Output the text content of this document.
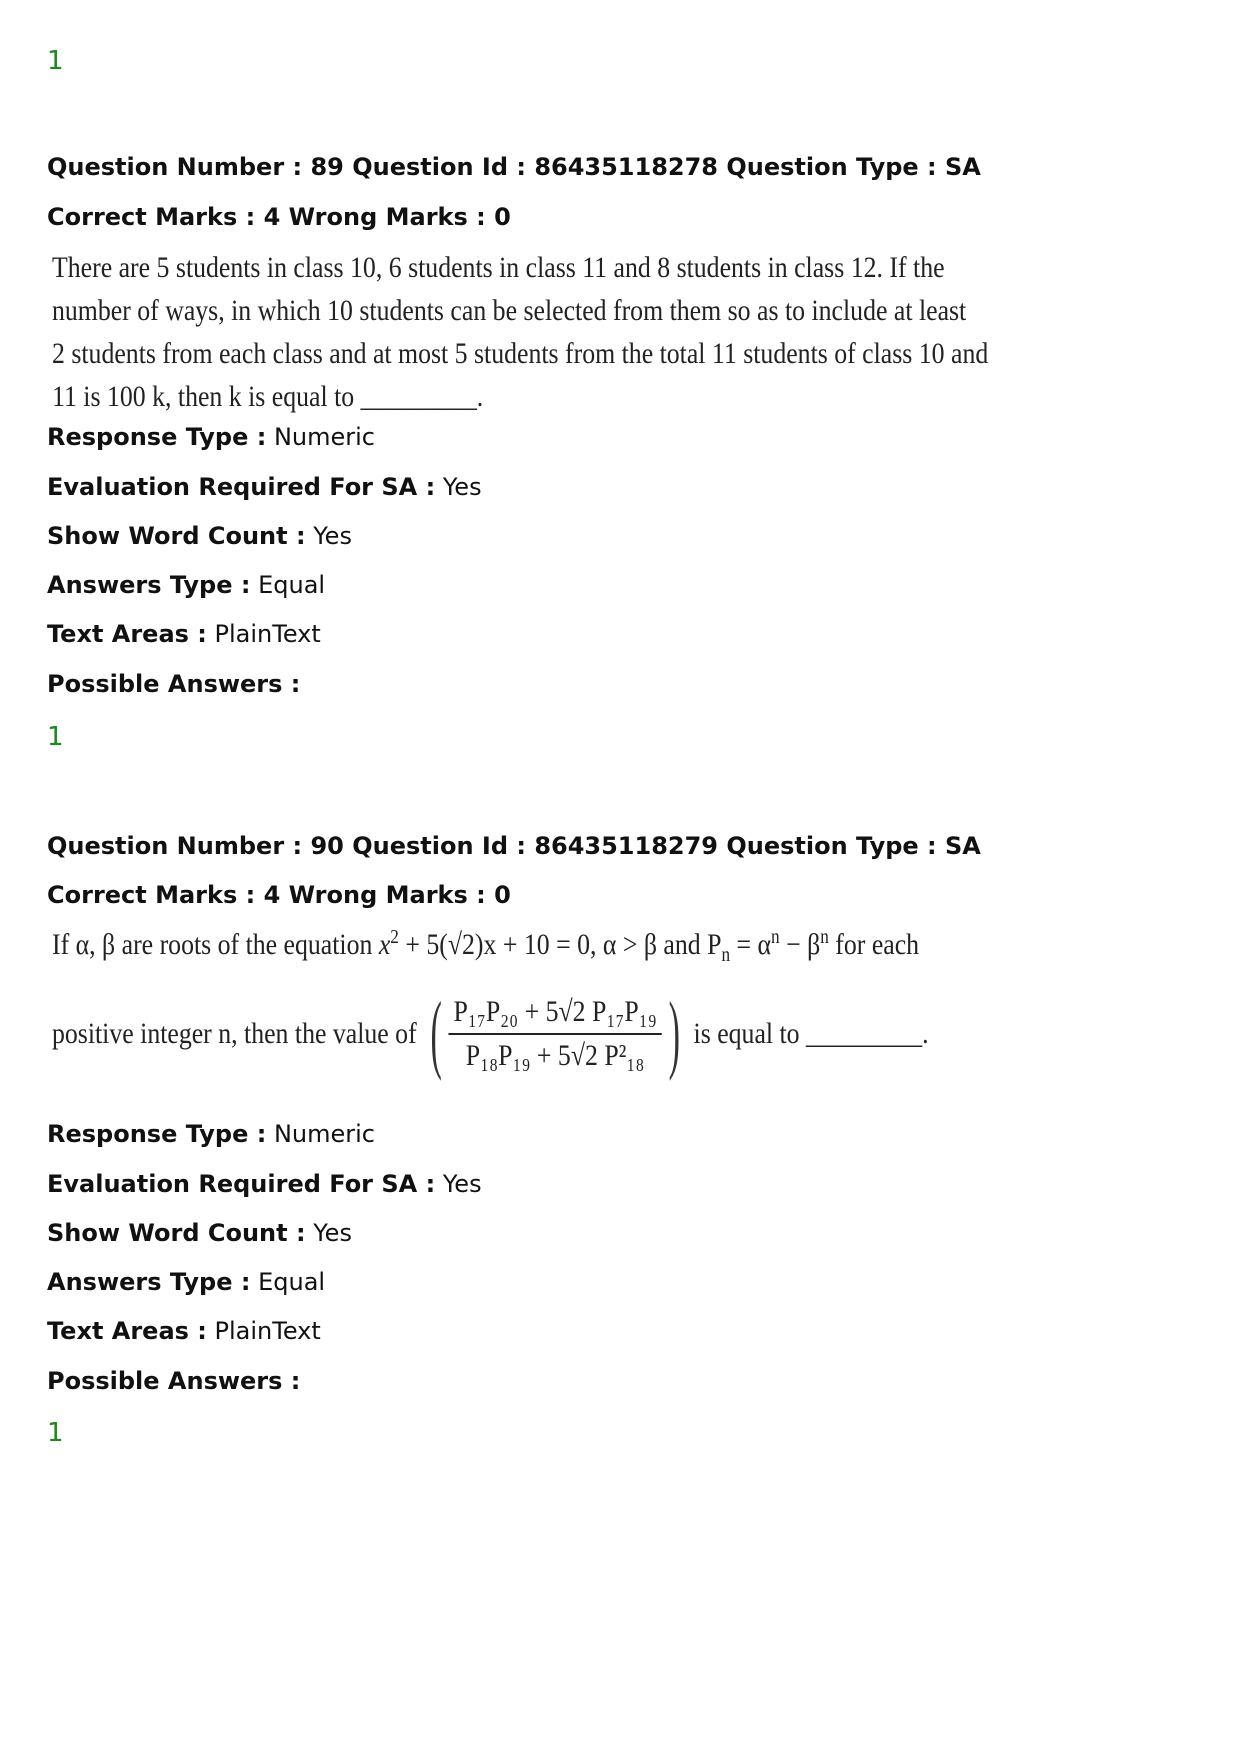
1
Question Number : 89 Question Id : 86435118278 Question Type : SA
Correct Marks : 4 Wrong Marks : 0
There are 5 students in class 10, 6 students in class 11 and 8 students in class 12. If the
number of ways, in which 10 students can be selected from them so as to include at least
2 students from each class and at most 5 students from the total 11 students of class 10 and
11 is 100 k, then k is equal to _________.
Response Type : Numeric
Evaluation Required For SA : Yes
Show Word Count : Yes
Answers Type : Equal
Text Areas : PlainText
Possible Answers :
1
Question Number : 90 Question Id : 86435118279 Question Type : SA
Correct Marks : 4 Wrong Marks : 0
If α, β are roots of the equation $x^2 + 5(√2)x + 10 = 0$, α > β and $P_n = \alpha^n - \beta^n$ for each
positive integer n, then the value of ( $\frac{\text{P₁₇P₂₀ + 5√2 P₁₇P₁₉}}{\text{P₁₈P₁₉ + 5√2 P²₁₈}}$ ) is equal to _________.
Response Type : Numeric
Evaluation Required For SA : Yes
Show Word Count : Yes
Answers Type : Equal
Text Areas : PlainText
Possible Answers :
1
